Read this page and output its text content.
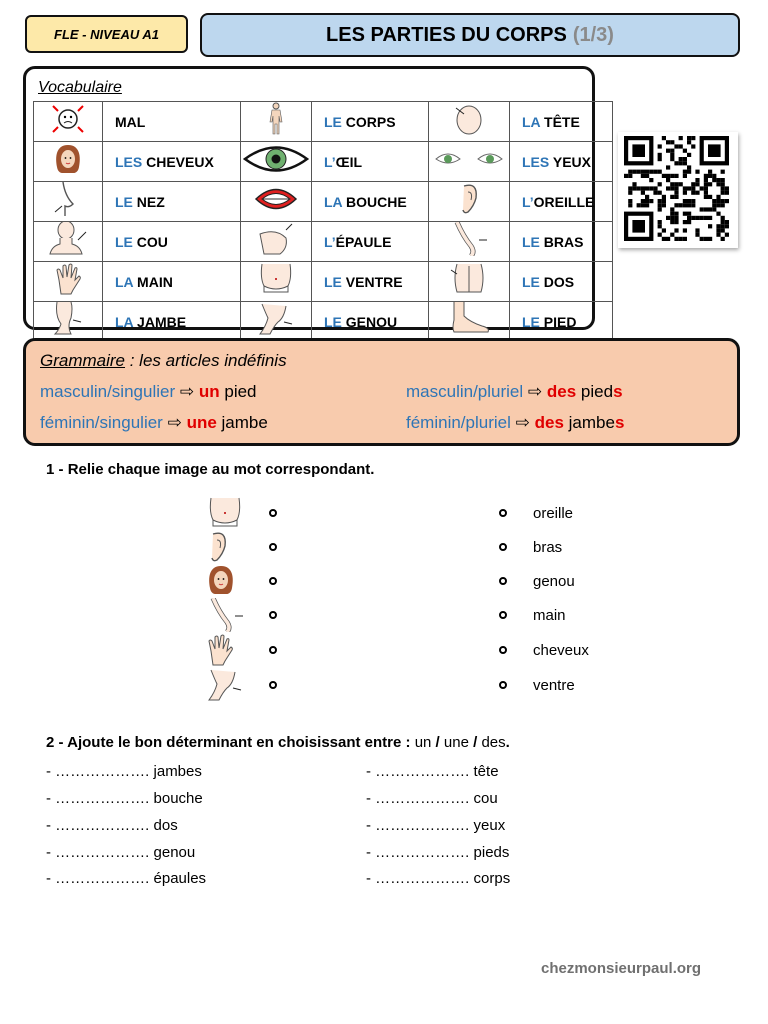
FLE - NIVEAU A1	LES PARTIES DU CORPS (1/3)
Vocabulaire
	MAL		LE CORPS		LA TÊTE

	LES CHEVEUX		L’ŒIL		LES YEUX

	LE NEZ		LA BOUCHE		L’OREILLE

	LE COU		L’ÉPAULE		LE BRAS

	LA MAIN		LE VENTRE		LE DOS

	LA JAMBE		LE GENOU		LE PIED
Grammaire : les articles indéfinis
masculin/singulier ⇨ un pied	masculin/pluriel ⇨ des pieds
féminin/singulier ⇨ une jambe	féminin/pluriel ⇨ des jambes
1 - Relie chaque image au mot correspondant.
oreille
bras
genou
main
cheveux
ventre
2 - Ajoute le bon déterminant en choisissant entre : un / une / des.
- ………………. jambes
- ………………. bouche
- ………………. dos
- ………………. genou
- ………………. épaules
- ………………. tête
- ………………. cou
- ………………. yeux
- ………………. pieds
- ………………. corps
chezmonsieurpaul.org
